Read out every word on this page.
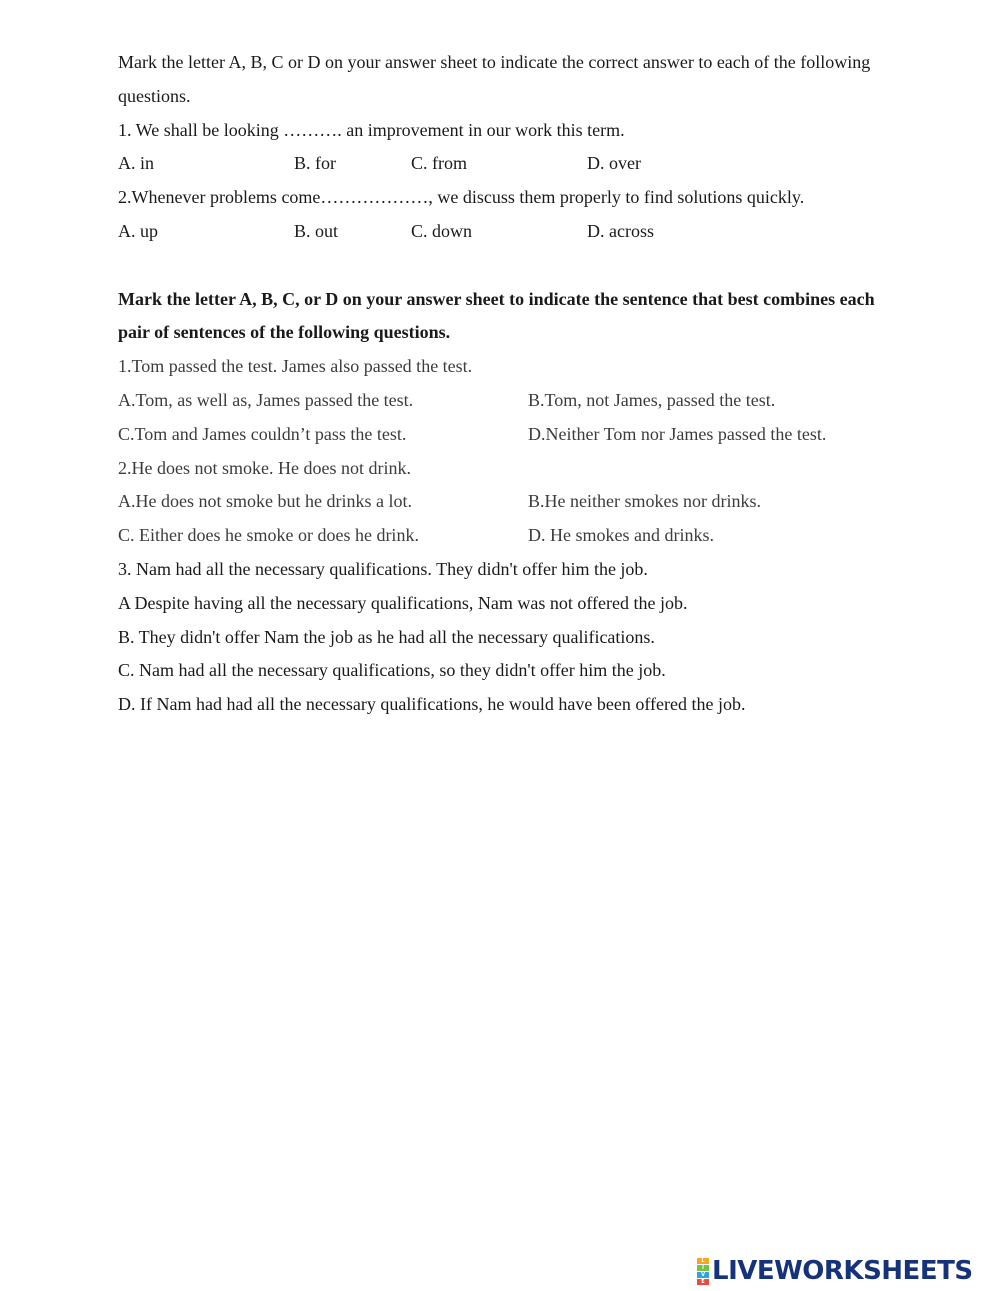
Mark the letter A, B, C or D on your answer sheet to indicate the correct answer to each of the following
questions.
1. We shall be looking ………. an improvement in our work this term.
A. in	B. for	C. from	D. over
2.Whenever problems come………………, we discuss them properly to find solutions quickly.
A. up	B. out	C. down	D. across
Mark the letter A, B, C, or D on your answer sheet to indicate the sentence that best combines each
pair of sentences of the following questions.
1.Tom passed the test. James also passed the test.
A.Tom, as well as, James passed the test.	B.Tom, not James, passed the test.
C.Tom and James couldn’t pass the test.	D.Neither Tom nor James passed the test.
2.He does not smoke. He does not drink.
A.He does not smoke but he drinks a lot.	B.He neither smokes nor drinks.
C. Either does he smoke or does he drink.	D. He smokes and drinks.
3. Nam had all the necessary qualifications. They didn't offer him the job.
A Despite having all the necessary qualifications, Nam was not offered the job.
B. They didn't offer Nam the job as he had all the necessary qualifications.
C. Nam had all the necessary qualifications, so they didn't offer him the job.
D. If Nam had had all the necessary qualifications, he would have been offered the job.
L
I
V
E LIVEWORKSHEETS
